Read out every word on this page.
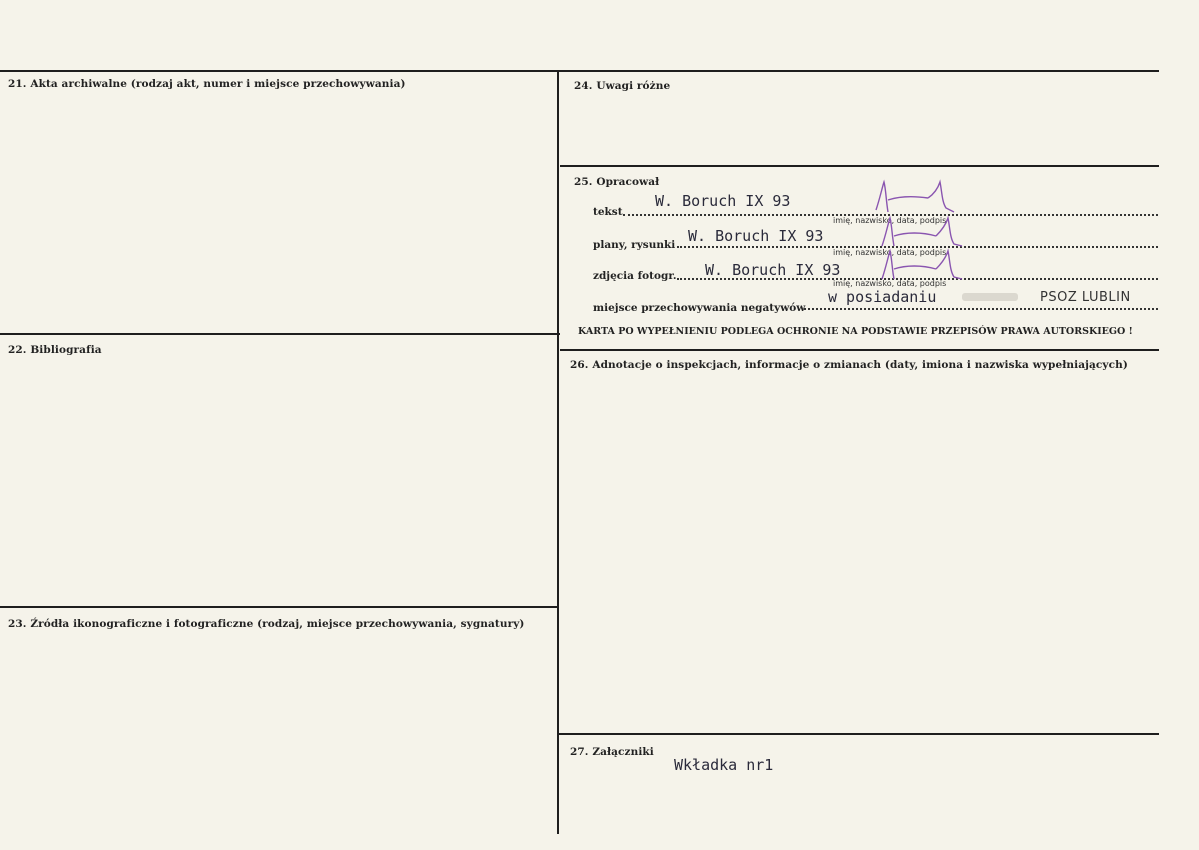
21. Akta archiwalne (rodzaj akt, numer i miejsce przechowywania)
22. Bibliografia
23. Źródła ikonograficzne i fotograficzne (rodzaj, miejsce przechowywania, sygnatury)
24. Uwagi różne
25. Opracował
26. Adnotacje o inspekcjach, informacje o zmianach (daty, imiona i nazwiska wypełniających)
27. Załączniki
tekst
W. Boruch IX 93
imię, nazwisko, data, podpis
plany, rysunki W. Boruch IX 93
imię, nazwisko, data, podpis
zdjęcia fotogr. W. Boruch IX 93
imię, nazwisko, data, podpis
miejsce przechowywania negatywów
w posiadaniu	PSOZ LUBLIN
KARTA PO WYPEŁNIENIU PODLEGA OCHRONIE NA PODSTAWIE PRZEPISÓW PRAWA AUTORSKIEGO !
Wkładka nr1
